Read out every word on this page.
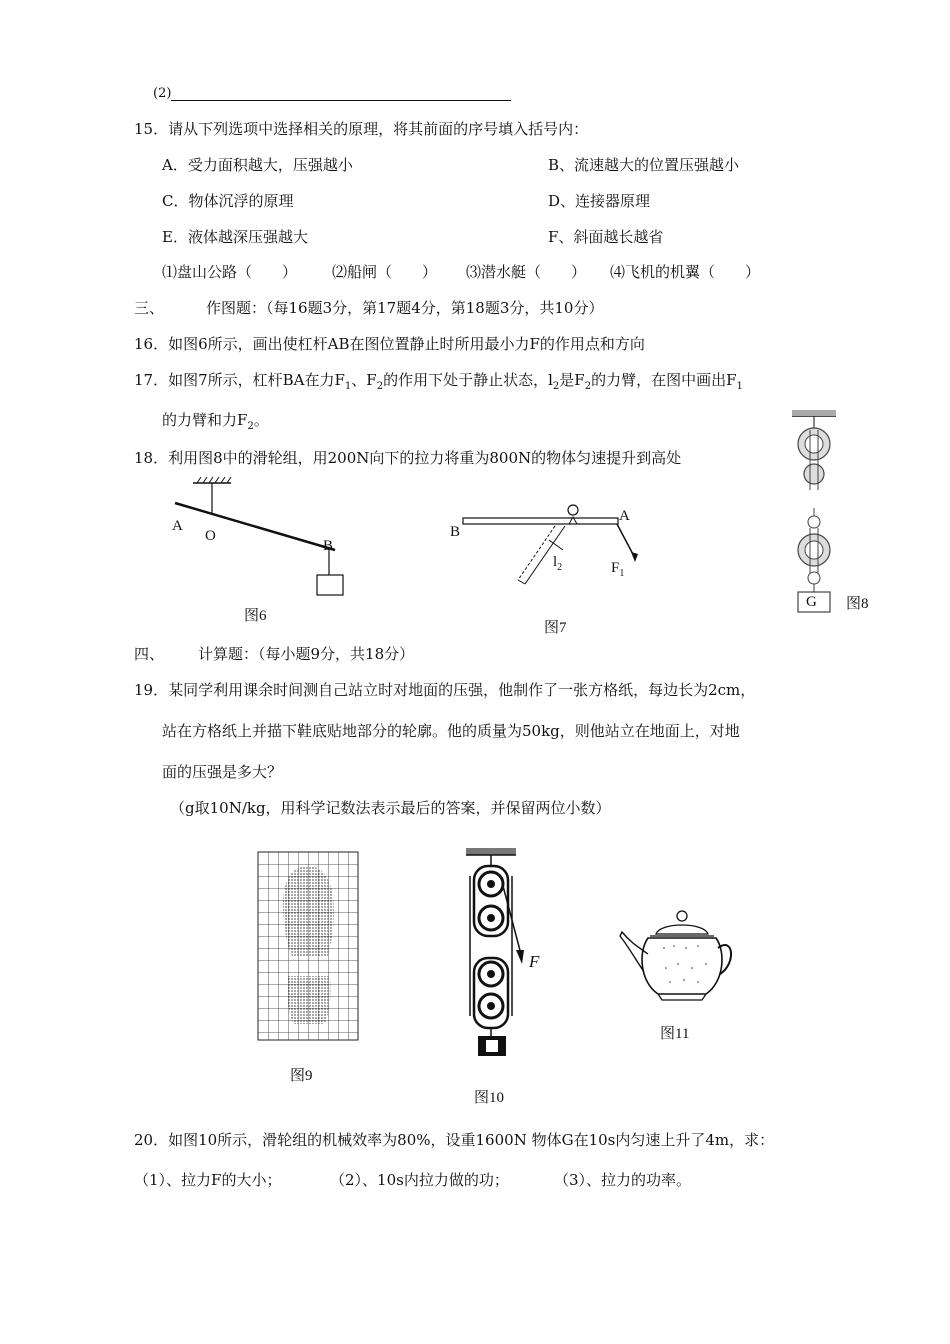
(2)
15．请从下列选项中选择相关的原理，将其前面的序号填入括号内：
A．受力面积越大，压强越小	B、流速越大的位置压强越小
C．物体沉浮的原理	D、连接器原理
E．液体越深压强越大	F、斜面越长越省
⑴盘山公路（　　） ⑵船闸（　　） ⑶潜水艇（　　） ⑷飞机的机翼（　　）
三、	作图题：（每16题3分，第17题4分，第18题3分，共10分）
16．如图6所示，画出使杠杆AB在图位置静止时所用最小力F的作用点和方向
17．如图7所示，杠杆BA在力$F_1$、$F_2$的作用下处于静止状态，$l_2$是$F_2$的力臂，在图中画出$F_1$
的力臂和力$F_2$。
18．利用图8中的滑轮组，用200N向下的拉力将重为800N的物体匀速提升到高处
A
O
B
图6
B
A
$l_2$	$F_1$
图7
G 图8
四、 计算题：（每小题9分，共18分）
19．某同学利用课余时间测自己站立时对地面的压强，他制作了一张方格纸，每边长为2cm，
站在方格纸上并描下鞋底贴地部分的轮廓。他的质量为50kg，则他站立在地面上，对地
面的压强是多大？
（g取10N/kg，用科学记数法表示最后的答案，并保留两位小数）
图9
F
图10
图11
20．如图10所示，滑轮组的机械效率为80%，设重1600N 物体G在10s内匀速上升了4m，求：
（1）、拉力F的大小；	（2）、10s内拉力做的功；	（3）、拉力的功率。
